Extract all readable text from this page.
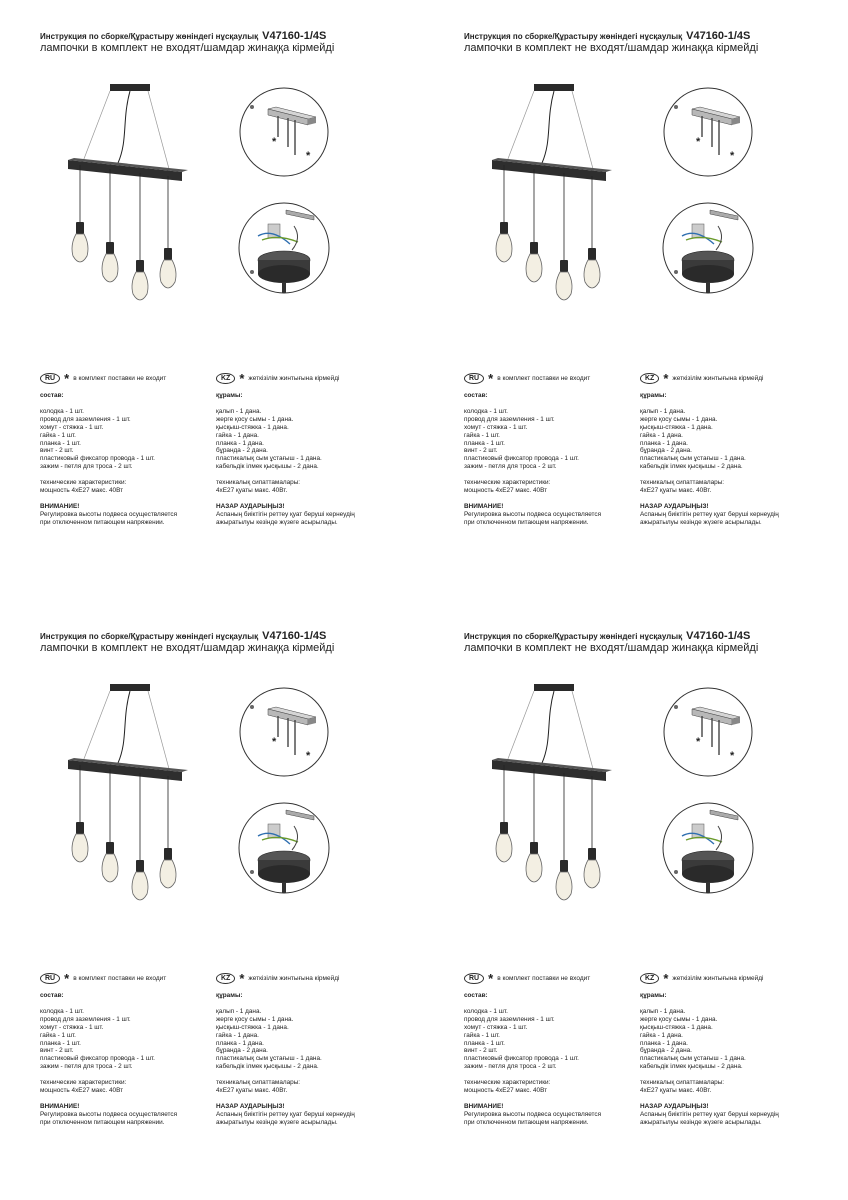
Инструкция по сборке/Құрастыру жөніндегі нұсқаулық V47160-1/4S
лампочки в комплект не входят/шамдар жинаққа кірмейді
*
*
RU * в комплект поставки не входит	KZ * жеткізілім жинтығына кірмейді

состав:

колодка - 1 шт.

провод для заземления - 1 шт.

хомут - стяжка - 1 шт.

гайка - 1 шт.

планка - 1 шт.

винт - 2 шт.

пластиковый фиксатор провода - 1 шт.

зажим - петля для троса - 2 шт.

технические характеристики:

мощность 4хЕ27 макс. 40Вт

ВНИМАНИЕ!

Регулировка высоты подвеса осуществляется

при отключенном питающем напряжении.

құрамы:

қалып - 1 дана.

жерге қосу сымы - 1 дана.

қысқыш-стяжка - 1 дана.

гайка - 1 дана.

планка - 1 дана.

бұранда - 2 дана.

пластикалық сым ұстағыш - 1 дана.

кабельдік ілмек қысқышы - 2 дана.

техникалық сипаттамалары:

4хЕ27 қуаты макс. 40Вт.

НАЗАР АУДАРЫҢЫЗ!

Аспаның биіктігін реттеу қуат беруші кернеудің

ажыратылуы кезінде жүзеге асырылады.

Инструкция по сборке/Құрастыру жөніндегі нұсқаулық V47160-1/4S
лампочки в комплект не входят/шамдар жинаққа кірмейді
*
*
RU * в комплект поставки не входит	KZ * жеткізілім жинтығына кірмейді

состав:

колодка - 1 шт.

провод для заземления - 1 шт.

хомут - стяжка - 1 шт.

гайка - 1 шт.

планка - 1 шт.

винт - 2 шт.

пластиковый фиксатор провода - 1 шт.

зажим - петля для троса - 2 шт.

технические характеристики:

мощность 4хЕ27 макс. 40Вт

ВНИМАНИЕ!

Регулировка высоты подвеса осуществляется

при отключенном питающем напряжении.

құрамы:

қалып - 1 дана.

жерге қосу сымы - 1 дана.

қысқыш-стяжка - 1 дана.

гайка - 1 дана.

планка - 1 дана.

бұранда - 2 дана.

пластикалық сым ұстағыш - 1 дана.

кабельдік ілмек қысқышы - 2 дана.

техникалық сипаттамалары:

4хЕ27 қуаты макс. 40Вт.

НАЗАР АУДАРЫҢЫЗ!

Аспаның биіктігін реттеу қуат беруші кернеудің

ажыратылуы кезінде жүзеге асырылады.

Инструкция по сборке/Құрастыру жөніндегі нұсқаулық V47160-1/4S
лампочки в комплект не входят/шамдар жинаққа кірмейді
*
*
RU * в комплект поставки не входит	KZ * жеткізілім жинтығына кірмейді

состав:

колодка - 1 шт.

провод для заземления - 1 шт.

хомут - стяжка - 1 шт.

гайка - 1 шт.

планка - 1 шт.

винт - 2 шт.

пластиковый фиксатор провода - 1 шт.

зажим - петля для троса - 2 шт.

технические характеристики:

мощность 4хЕ27 макс. 40Вт

ВНИМАНИЕ!

Регулировка высоты подвеса осуществляется

при отключенном питающем напряжении.

құрамы:

қалып - 1 дана.

жерге қосу сымы - 1 дана.

қысқыш-стяжка - 1 дана.

гайка - 1 дана.

планка - 1 дана.

бұранда - 2 дана.

пластикалық сым ұстағыш - 1 дана.

кабельдік ілмек қысқышы - 2 дана.

техникалық сипаттамалары:

4хЕ27 қуаты макс. 40Вт.

НАЗАР АУДАРЫҢЫЗ!

Аспаның биіктігін реттеу қуат беруші кернеудің

ажыратылуы кезінде жүзеге асырылады.

Инструкция по сборке/Құрастыру жөніндегі нұсқаулық V47160-1/4S
лампочки в комплект не входят/шамдар жинаққа кірмейді
*
*
RU * в комплект поставки не входит	KZ * жеткізілім жинтығына кірмейді

состав:

колодка - 1 шт.

провод для заземления - 1 шт.

хомут - стяжка - 1 шт.

гайка - 1 шт.

планка - 1 шт.

винт - 2 шт.

пластиковый фиксатор провода - 1 шт.

зажим - петля для троса - 2 шт.

технические характеристики:

мощность 4хЕ27 макс. 40Вт

ВНИМАНИЕ!

Регулировка высоты подвеса осуществляется

при отключенном питающем напряжении.

құрамы:

қалып - 1 дана.

жерге қосу сымы - 1 дана.

қысқыш-стяжка - 1 дана.

гайка - 1 дана.

планка - 1 дана.

бұранда - 2 дана.

пластикалық сым ұстағыш - 1 дана.

кабельдік ілмек қысқышы - 2 дана.

техникалық сипаттамалары:

4хЕ27 қуаты макс. 40Вт.

НАЗАР АУДАРЫҢЫЗ!

Аспаның биіктігін реттеу қуат беруші кернеудің

ажыратылуы кезінде жүзеге асырылады.
